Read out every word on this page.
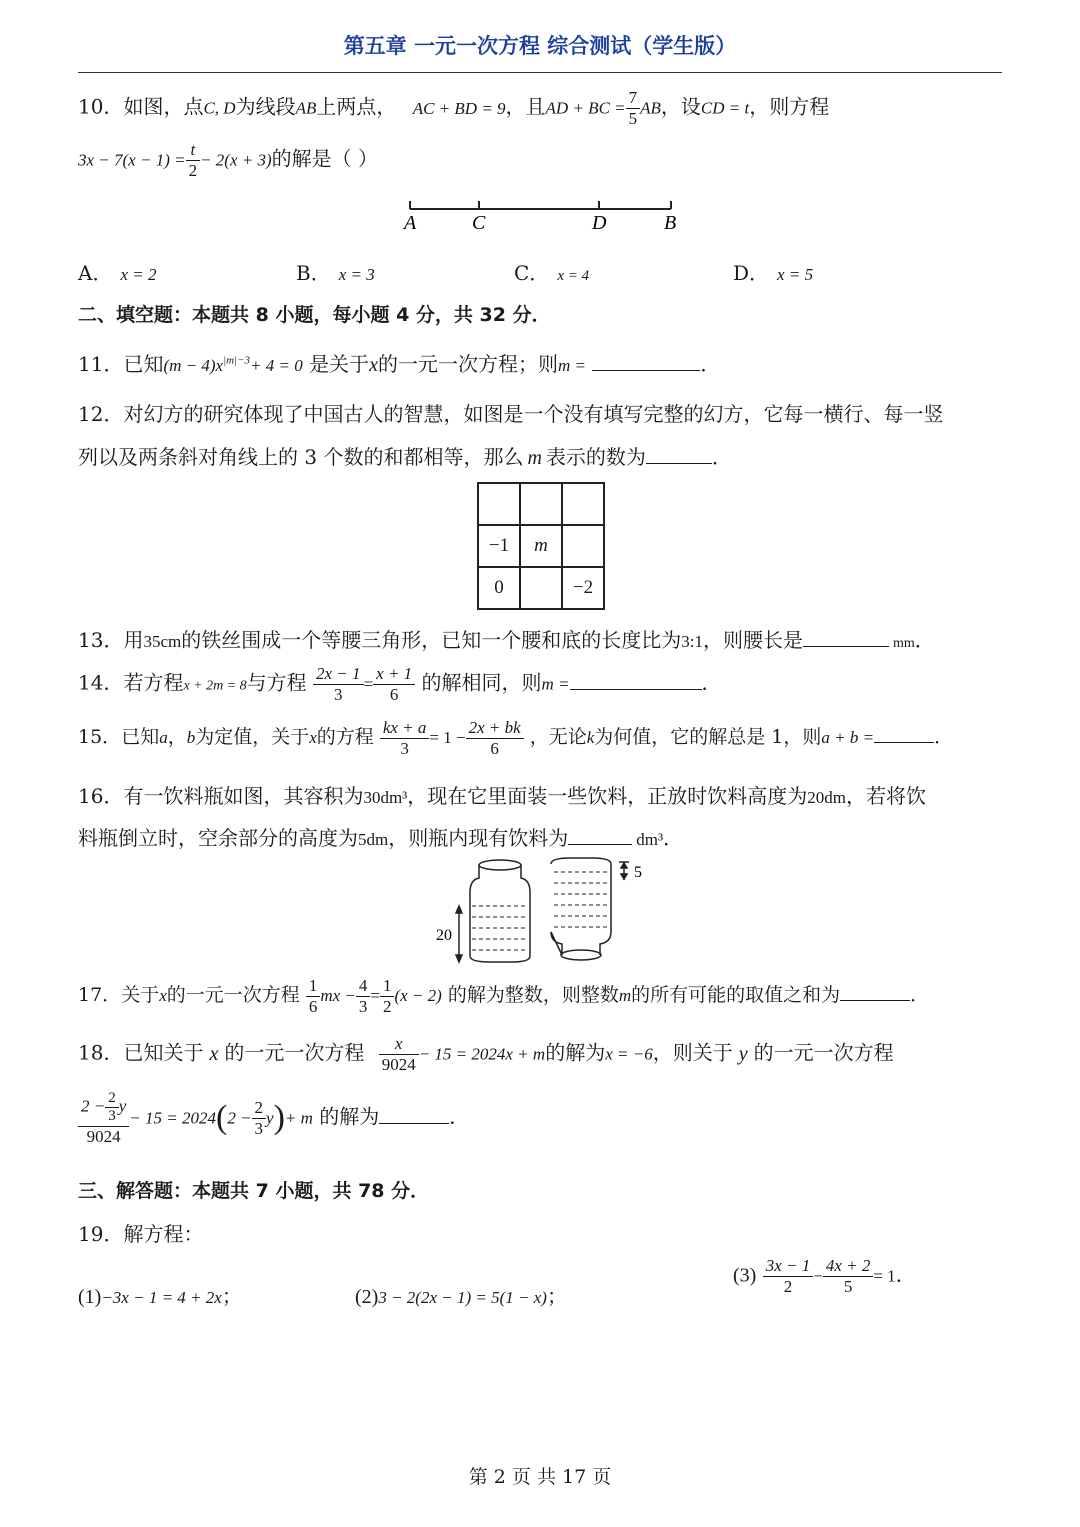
第五章 一元一次方程 综合测试（学生版）
10．如图，点C, D为线段AB上两点， AC + BD = 9，且AD + BC = $\frac{7}{5}$ AB，设CD = t，则方程
$3x - 7(x - 1) = \frac{t}{2} - 2(x + 3)$的解是（ ）
A	C	D	B
A． x = 2	B． x = 3	C． x = 4	D． x = 5
二、填空题：本题共 8 小题，每小题 4 分，共 32 分．
11．已知$(m - 4)x^{|m|-3}+ 4 = 0$ 是关于x的一元一次方程；则m =	．
12．对幻方的研究体现了中国古人的智慧，如图是一个没有填写完整的幻方，它每一横行、每一竖
列以及两条斜对角线上的 3 个数的和都相等，那么 m 表示的数为	．

−1	m	
0		−2
13．用35cm的铁丝围成一个等腰三角形，已知一个腰和底的长度比为3:1，则腰长是	mm．
14．若方程x + 2m = 8与方程 $\frac{2x - 1}{3} = \frac{x + 1}{6}$ 的解相同，则m =	．
15．已知a，b为定值，关于x的方程 $\frac{kx + a}{3} = 1 - \frac{2x + bk}{6}$ ，无论k为何值，它的解总是 1，则a + b =	．
16．有一饮料瓶如图，其容积为30dm³，现在它里面装一些饮料，正放时饮料高度为20dm，若将饮
料瓶倒立时，空余部分的高度为5dm，则瓶内现有饮料为	dm³．
20
5
17．关于x的一元一次方程 $\frac{1}{6}$ mx − $\frac{4}{3} = \frac{1}{2} (x - 2)$ 的解为整数，则整数m的所有可能的取值之和为	．
18．已知关于 x 的一元一次方程 $\frac{x}{9024} - 15 = 2024x + m$的解为x = −6，则关于 y 的一元一次方程
$\frac{2 - \frac{2}{3} y}{9024} - 15 = 2024(2 - \frac{2}{3} y)+ m$ 的解为	．
三、解答题：本题共 7 小题，共 78 分．
19．解方程：
(1)−3x − 1 = 4 + 2x；	(2)3 − 2(2x − 1) = 5(1 − x)；
$(3) \frac{3x - 1}{2} - \frac{4x + 2}{5} = 1$．
第 2 页 共 17 页
